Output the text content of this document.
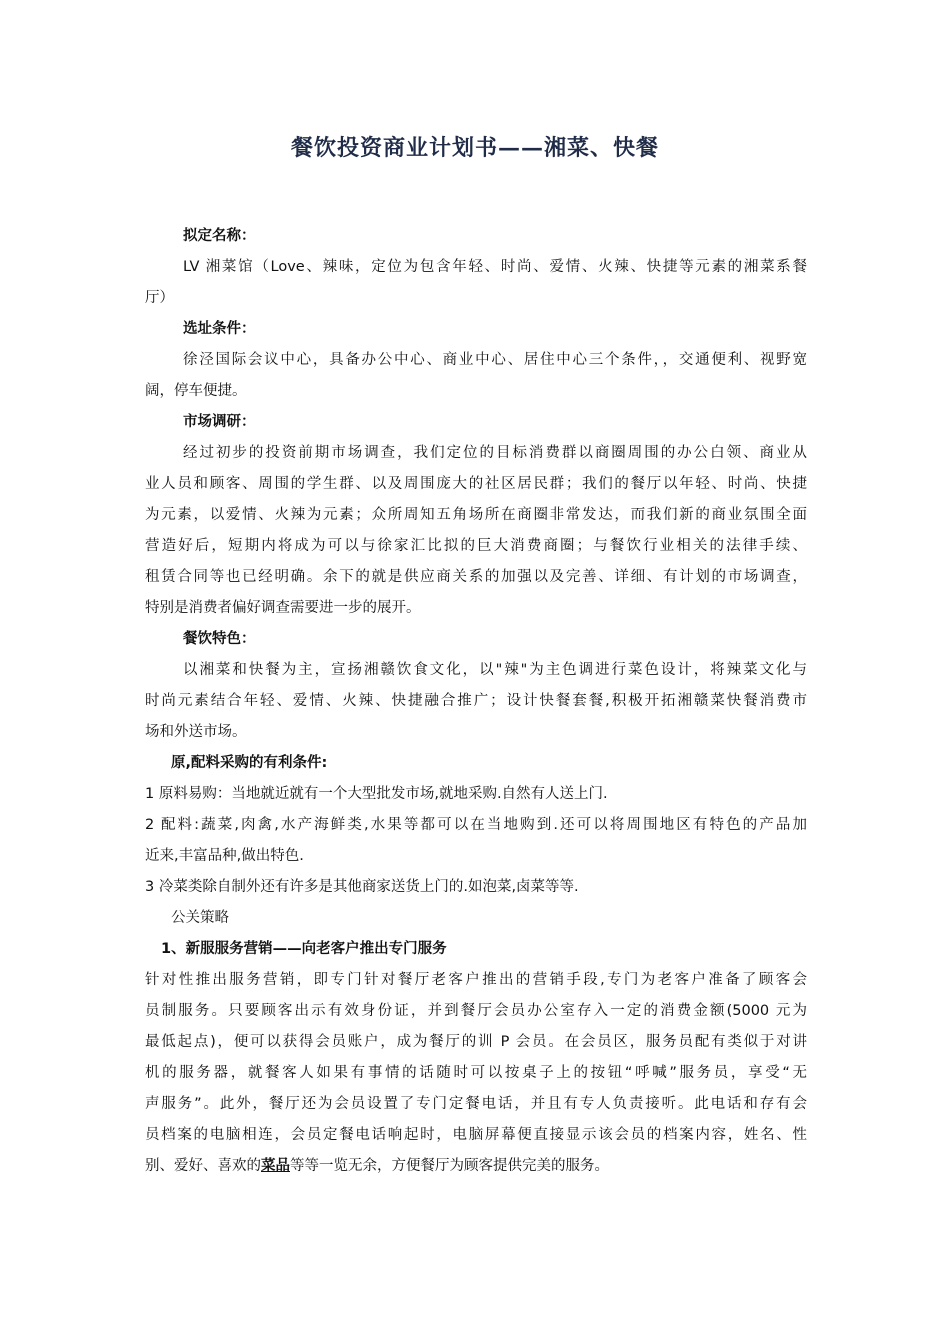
餐饮投资商业计划书——湘菜、快餐
拟定名称：
LV 湘菜馆（Love、辣味，定位为包含年轻、时尚、爱情、火辣、快捷等元素的湘菜系餐
厅）
选址条件：
徐泾国际会议中心，具备办公中心、商业中心、居住中心三个条件，，交通便利、视野宽
阔，停车便捷。
市场调研：
经过初步的投资前期市场调查，我们定位的目标消费群以商圈周围的办公白领、商业从
业人员和顾客、周围的学生群、以及周围庞大的社区居民群；我们的餐厅以年轻、时尚、快捷
为元素，以爱情、火辣为元素；众所周知五角场所在商圈非常发达，而我们新的商业氛围全面
营造好后，短期内将成为可以与徐家汇比拟的巨大消费商圈；与餐饮行业相关的法律手续、
租赁合同等也已经明确。余下的就是供应商关系的加强以及完善、详细、有计划的市场调查，
特别是消费者偏好调查需要进一步的展开。
餐饮特色：
以湘菜和快餐为主，宣扬湘赣饮食文化，以"辣"为主色调进行菜色设计，将辣菜文化与
时尚元素结合年轻、爱情、火辣、快捷融合推广；设计快餐套餐,积极开拓湘赣菜快餐消费市
场和外送市场。
原,配料采购的有利条件:
1 原料易购：当地就近就有一个大型批发市场,就地采购.自然有人送上门.
2 配料:蔬菜,肉禽,水产海鲜类,水果等都可以在当地购到.还可以将周围地区有特色的产品加
近来,丰富品种,做出特色.
3 冷菜类除自制外还有许多是其他商家送货上门的.如泡菜,卤菜等等.
公关策略
1、新服服务营销——向老客户推出专门服务
针对性推出服务营销，即专门针对餐厅老客户推出的营销手段,专门为老客户准备了顾客会
员制服务。只要顾客出示有效身份证，并到餐厅会员办公室存入一定的消费金额(5000 元为
最低起点)，便可以获得会员账户，成为餐厅的训 P 会员。在会员区，服务员配有类似于对讲
机的服务器，就餐客人如果有事情的话随时可以按桌子上的按钮“呼喊”服务员，享受“无
声服务”。此外，餐厅还为会员设置了专门定餐电话，并且有专人负责接听。此电话和存有会
员档案的电脑相连，会员定餐电话响起时，电脑屏幕便直接显示该会员的档案内容，姓名、性
别、爱好、喜欢的菜品等等一览无余，方便餐厅为顾客提供完美的服务。
